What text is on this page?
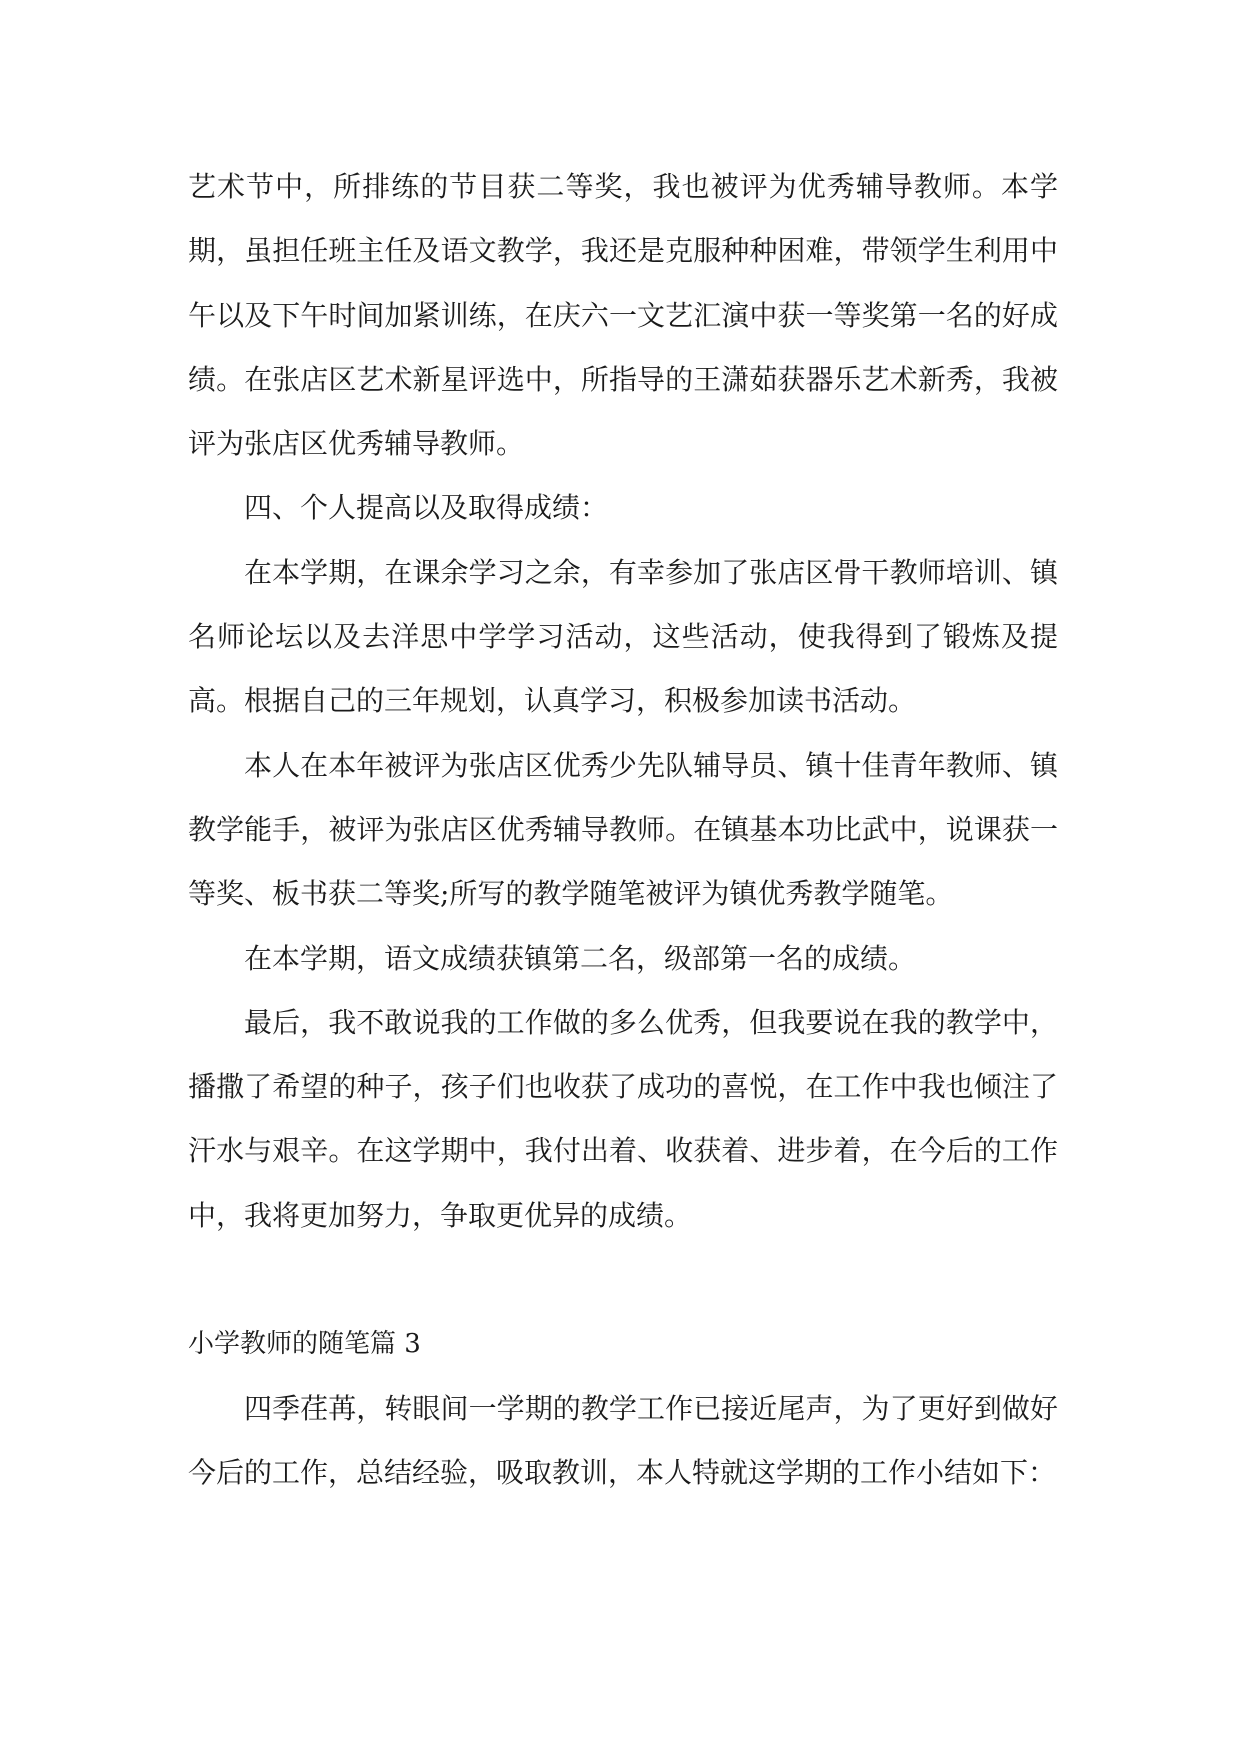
艺术节中，所排练的节目获二等奖，我也被评为优秀辅导教师。本学期，虽担任班主任及语文教学，我还是克服种种困难，带领学生利用中午以及下午时间加紧训练，在庆六一文艺汇演中获一等奖第一名的好成绩。在张店区艺术新星评选中，所指导的王潇茹获器乐艺术新秀，我被评为张店区优秀辅导教师。

四、个人提高以及取得成绩：

在本学期，在课余学习之余，有幸参加了张店区骨干教师培训、镇名师论坛以及去洋思中学学习活动，这些活动，使我得到了锻炼及提高。根据自己的三年规划，认真学习，积极参加读书活动。

本人在本年被评为张店区优秀少先队辅导员、镇十佳青年教师、镇教学能手，被评为张店区优秀辅导教师。在镇基本功比武中，说课获一等奖、板书获二等奖;所写的教学随笔被评为镇优秀教学随笔。

在本学期，语文成绩获镇第二名，级部第一名的成绩。

最后，我不敢说我的工作做的多么优秀，但我要说在我的教学中，播撒了希望的种子，孩子们也收获了成功的喜悦，在工作中我也倾注了汗水与艰辛。在这学期中，我付出着、收获着、进步着，在今后的工作中，我将更加努力，争取更优异的成绩。

小学教师的随笔篇 3

四季荏苒，转眼间一学期的教学工作已接近尾声，为了更好到做好今后的工作，总结经验，吸取教训，本人特就这学期的工作小结如下：
